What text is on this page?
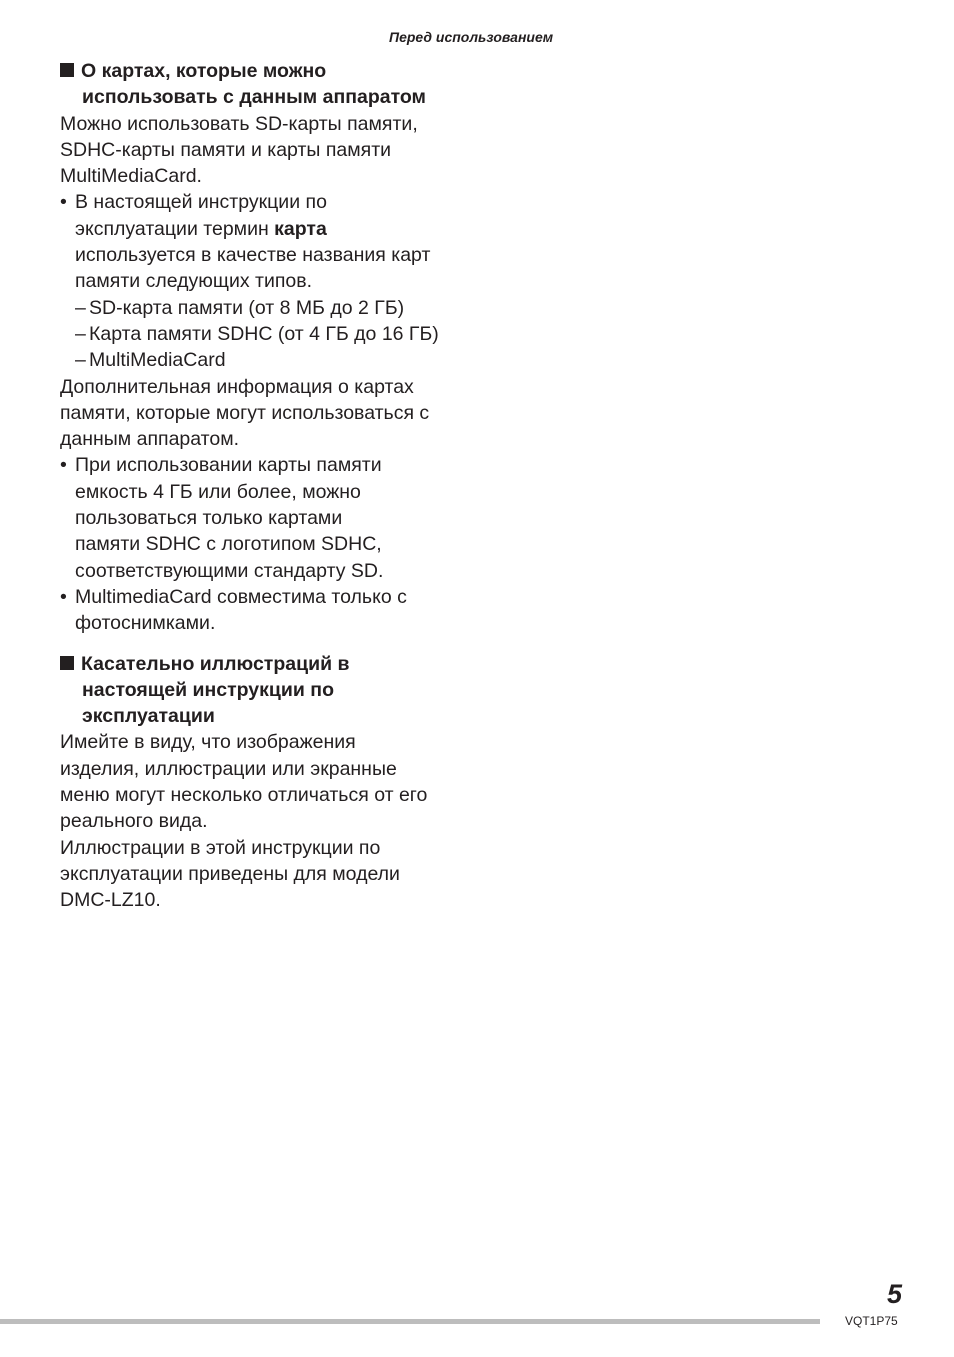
Перед использованием
О картах, которые можно
использовать с данным аппаратом
Можно использовать SD-карты памяти,
SDHC-карты памяти и карты памяти
MultiMediaCard.
• В настоящей инструкции по
эксплуатации термин карта
используется в качестве названия карт
памяти следующих типов.
– SD-карта памяти (от 8 МБ до 2 ГБ)
– Карта памяти SDHC (от 4 ГБ до 16 ГБ)
– MultiMediaCard
Дополнительная информация о картах
памяти, которые могут использоваться с
данным аппаратом.
• При использовании карты памяти
емкость 4 ГБ или более, можно
пользоваться только картами
памяти SDHC с логотипом SDHC,
соответствующими стандарту SD.
• MultimediaCard совместима только с
фотоснимками.
Касательно иллюстраций в
настоящей инструкции по
эксплуатации
Имейте в виду, что изображения
изделия, иллюстрации или экранные
меню могут несколько отличаться от его
реального вида.
Иллюстрации в этой инструкции по
эксплуатации приведены для модели
DMC-LZ10.
5
VQT1P75
